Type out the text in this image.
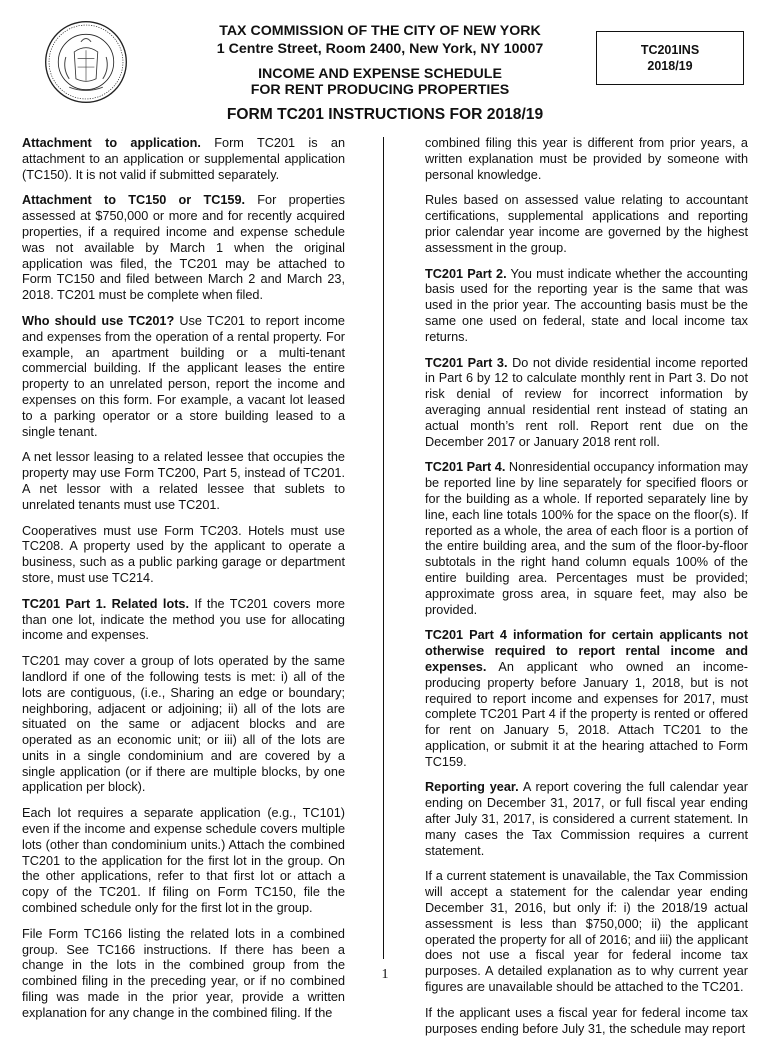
TAX COMMISSION OF THE CITY OF NEW YORK
1 Centre Street, Room 2400, New York, NY 10007
INCOME AND EXPENSE SCHEDULE
FOR RENT PRODUCING PROPERTIES
TC201INS
2018/19
FORM TC201 INSTRUCTIONS FOR 2018/19

Attachment to application. Form TC201 is an attachment to an application or supplemental application (TC150). It is not valid if submitted separately.

Attachment to TC150 or TC159. For properties assessed at $750,000 or more and for recently acquired properties, if a required income and expense schedule was not available by March 1 when the original application was filed, the TC201 may be attached to Form TC150 and filed between March 2 and March 23, 2018. TC201 must be complete when filed.

Who should use TC201? Use TC201 to report income and expenses from the operation of a rental property. For example, an apartment building or a multi-tenant commercial building. If the applicant leases the entire property to an unrelated person, report the income and expenses on this form. For example, a vacant lot leased to a parking operator or a store building leased to a single tenant.

A net lessor leasing to a related lessee that occupies the property may use Form TC200, Part 5, instead of TC201. A net lessor with a related lessee that sublets to unrelated tenants must use TC201.

Cooperatives must use Form TC203. Hotels must use TC208. A property used by the applicant to operate a business, such as a public parking garage or department store, must use TC214.

TC201 Part 1. Related lots. If the TC201 covers more than one lot, indicate the method you use for allocating income and expenses.

TC201 may cover a group of lots operated by the same landlord if one of the following tests is met: i) all of the lots are contiguous, (i.e., Sharing an edge or boundary; neighboring, adjacent or adjoining; ii) all of the lots are situated on the same or adjacent blocks and are operated as an economic unit; or iii) all of the lots are units in a single condominium and are covered by a single application (or if there are multiple blocks, by one application per block).

Each lot requires a separate application (e.g., TC101) even if the income and expense schedule covers multiple lots (other than condominium units.) Attach the combined TC201 to the application for the first lot in the group. On the other applications, refer to that first lot or attach a copy of the TC201. If filing on Form TC150, file the combined schedule only for the first lot in the group.

File Form TC166 listing the related lots in a combined group. See TC166 instructions. If there has been a change in the lots in the combined group from the combined filing in the preceding year, or if no combined filing was made in the prior year, provide a written explanation for any change in the combined filing. If the

combined filing this year is different from prior years, a written explanation must be provided by someone with personal knowledge.

Rules based on assessed value relating to accountant certifications, supplemental applications and reporting prior calendar year income are governed by the highest assessment in the group.

TC201 Part 2. You must indicate whether the accounting basis used for the reporting year is the same that was used in the prior year. The accounting basis must be the same one used on federal, state and local income tax returns.

TC201 Part 3. Do not divide residential income reported in Part 6 by 12 to calculate monthly rent in Part 3. Do not risk denial of review for incorrect information by averaging annual residential rent instead of stating an actual month’s rent roll. Report rent due on the December 2017 or January 2018 rent roll.

TC201 Part 4. Nonresidential occupancy information may be reported line by line separately for specified floors or for the building as a whole. If reported separately line by line, each line totals 100% for the space on the floor(s). If reported as a whole, the area of each floor is a portion of the entire building area, and the sum of the floor-by-floor subtotals in the right hand column equals 100% of the entire building area. Percentages must be provided; approximate gross area, in square feet, may also be provided.

TC201 Part 4 information for certain applicants not otherwise required to report rental income and expenses. An applicant who owned an income-producing property before January 1, 2018, but is not required to report income and expenses for 2017, must complete TC201 Part 4 if the property is rented or offered for rent on January 5, 2018. Attach TC201 to the application, or submit it at the hearing attached to Form TC159.

Reporting year. A report covering the full calendar year ending on December 31, 2017, or full fiscal year ending after July 31, 2017, is considered a current statement. In many cases the Tax Commission requires a current statement.

If a current statement is unavailable, the Tax Commission will accept a statement for the calendar year ending December 31, 2016, but only if: i) the 2018/19 actual assessment is less than $750,000; ii) the applicant operated the property for all of 2016; and iii) the applicant does not use a fiscal year for federal income tax purposes. A detailed explanation as to why current year figures are unavailable should be attached to the TC201.

If the applicant uses a fiscal year for federal income tax purposes ending before July 31, the schedule may report

1
